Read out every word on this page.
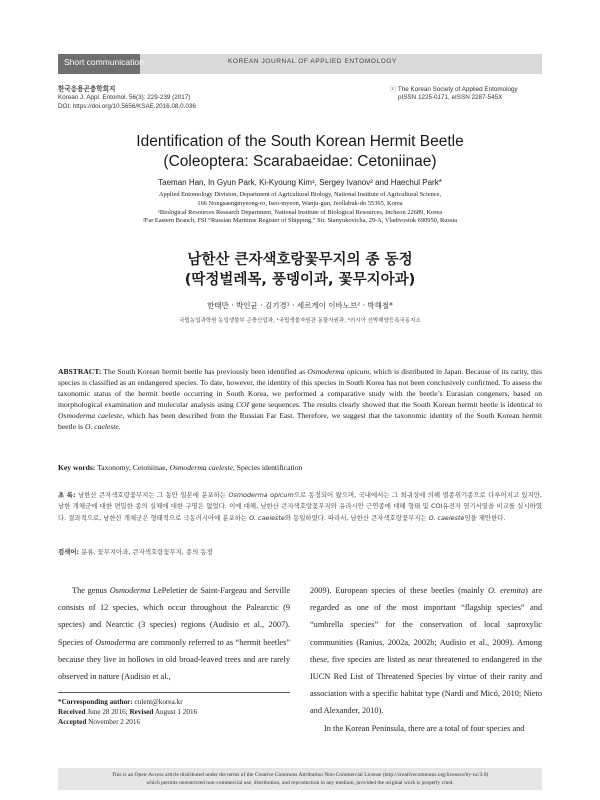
Short communication	KOREAN JOURNAL OF APPLIED ENTOMOLOGY
한국응용곤충학회지
Korean J. Appl. Entomol. 56(3): 229-239 (2017)
DOI: https://doi.org/10.5656/KSAE.2016.08.0.036
ⓒ The Korean Society of Applied Entomology
pISSN 1225-0171, eISSN 2287-545X
Identification of the South Korean Hermit Beetle
(Coleoptera: Scarabaeidae: Cetoniinae)
Taeman Han, In Gyun Park, Ki-Kyoung Kim¹, Sergey Ivanov² and Haechul Park*
Applied Entomology Division, Department of Agricultural Biology, National Institute of Agricultural Science,
166 Nongsaengmyeong-ro, Iseo-myeon, Wanju-gun, Jeollabuk-do 55365, Korea
¹Biological Resources Research Department, National Institute of Biological Resources, Incheon 22689, Korea
²Far Eastern Branch, FSI “Russian Maritime Register of Shipping,” Str. Stanyukovicha, 29-A, Vladivostok 690950, Russia
남한산 큰자색호랑꽃무지의 종 동정
(딱정벌레목, 풍뎅이과, 꽃무지아과)
한태만 · 박인균 · 김기경¹ · 세르게이 이바노브² · 박해철*
국립농업과학원 농업생물부 곤충산업과, ¹국립생물자원관 동물자원과, ²러시아 선박해양등록국동지소
ABSTRACT: The South Korean hermit beetle has previously been identified as Osmoderma opicum, which is distributed in Japan. Because of its rarity, this species is classified as an endangered species. To date, however, the identity of this species in South Korea has not been conclusively confirmed. To assess the taxonomic status of the hermit beetle occurring in South Korea, we performed a comparative study with the beetle’s Eurasian congeners, based on morphological examination and molecular analysis using COI gene sequences. The results clearly showed that the South Korean hermit beetle is identical to Osmoderma caeleste, which has been described from the Russian Far East. Therefore, we suggest that the taxonomic identity of the South Korean hermit beetle is O. caeleste.
Key words: Taxonomy, Cetoniinae, Osmoderma caeleste, Species identification
초 록: 남한산 큰자색호랑꽃무지는 그 동안 일본에 분포하는 Osmoderma opicum으로 동정되어 왔으며, 국내에서는 그 희귀성에 의해 멸종위기종으로 다루어지고 있지만, 남한 개체군에 대한 면밀한 종의 실체에 대한 구명은 없었다. 이에 대해, 남한산 큰자색호랑꽃무지와 유라시안 근연종에 대해 형태 및 COI유전자 염기서열을 비교를 실시하였다. 결과적으로, 남한산 개체군은 형태적으로 극동러시아에 분포하는 O. caeleste와 동일하였다. 따라서, 남한산 큰자색호랑꽃무지는 O. caeleste임을 제안한다.
검색어: 분류, 꽃무지아과, 큰자색호랑꽃무지, 종의 동정

The genus Osmoderma LePeletier de Saint-Fargeau and Serville consists of 12 species, which occur throughout the Palearctic (9 species) and Nearctic (3 species) regions (Audisio et al., 2007). Species of Osmoderma are commonly referred to as “hermit beetles” because they live in hollows in old broad-leaved trees and are rarely observed in nature (Audisio et al.,

2009). European species of these beetles (mainly O. eremita) are regarded as one of the most important “flagship species” and “umbrella species” for the conservation of local saproxylic communities (Ranius, 2002a, 2002b; Audisio et al., 2009). Among these, five species are listed as near threatened to endangered in the IUCN Red List of Threatened Species by virtue of their rarity and association with a specific habitat type (Nardi and Micó, 2010; Nieto and Alexander, 2010).

In the Korean Peninsula, there are a total of four species and

*Corresponding author: culent@korea.kr
Received June 28 2016; Revised August 1 2016
Accepted November 2 2016
This is an Open-Access article distributed under the terms of the Creative Commons Attribution Non-Commercial License (http://creativecommons.org/licenses/by-nc/3.0)
which permits unrestricted non-commercial use, distribution, and reproduction in any medium, provided the original work is properly cited.
